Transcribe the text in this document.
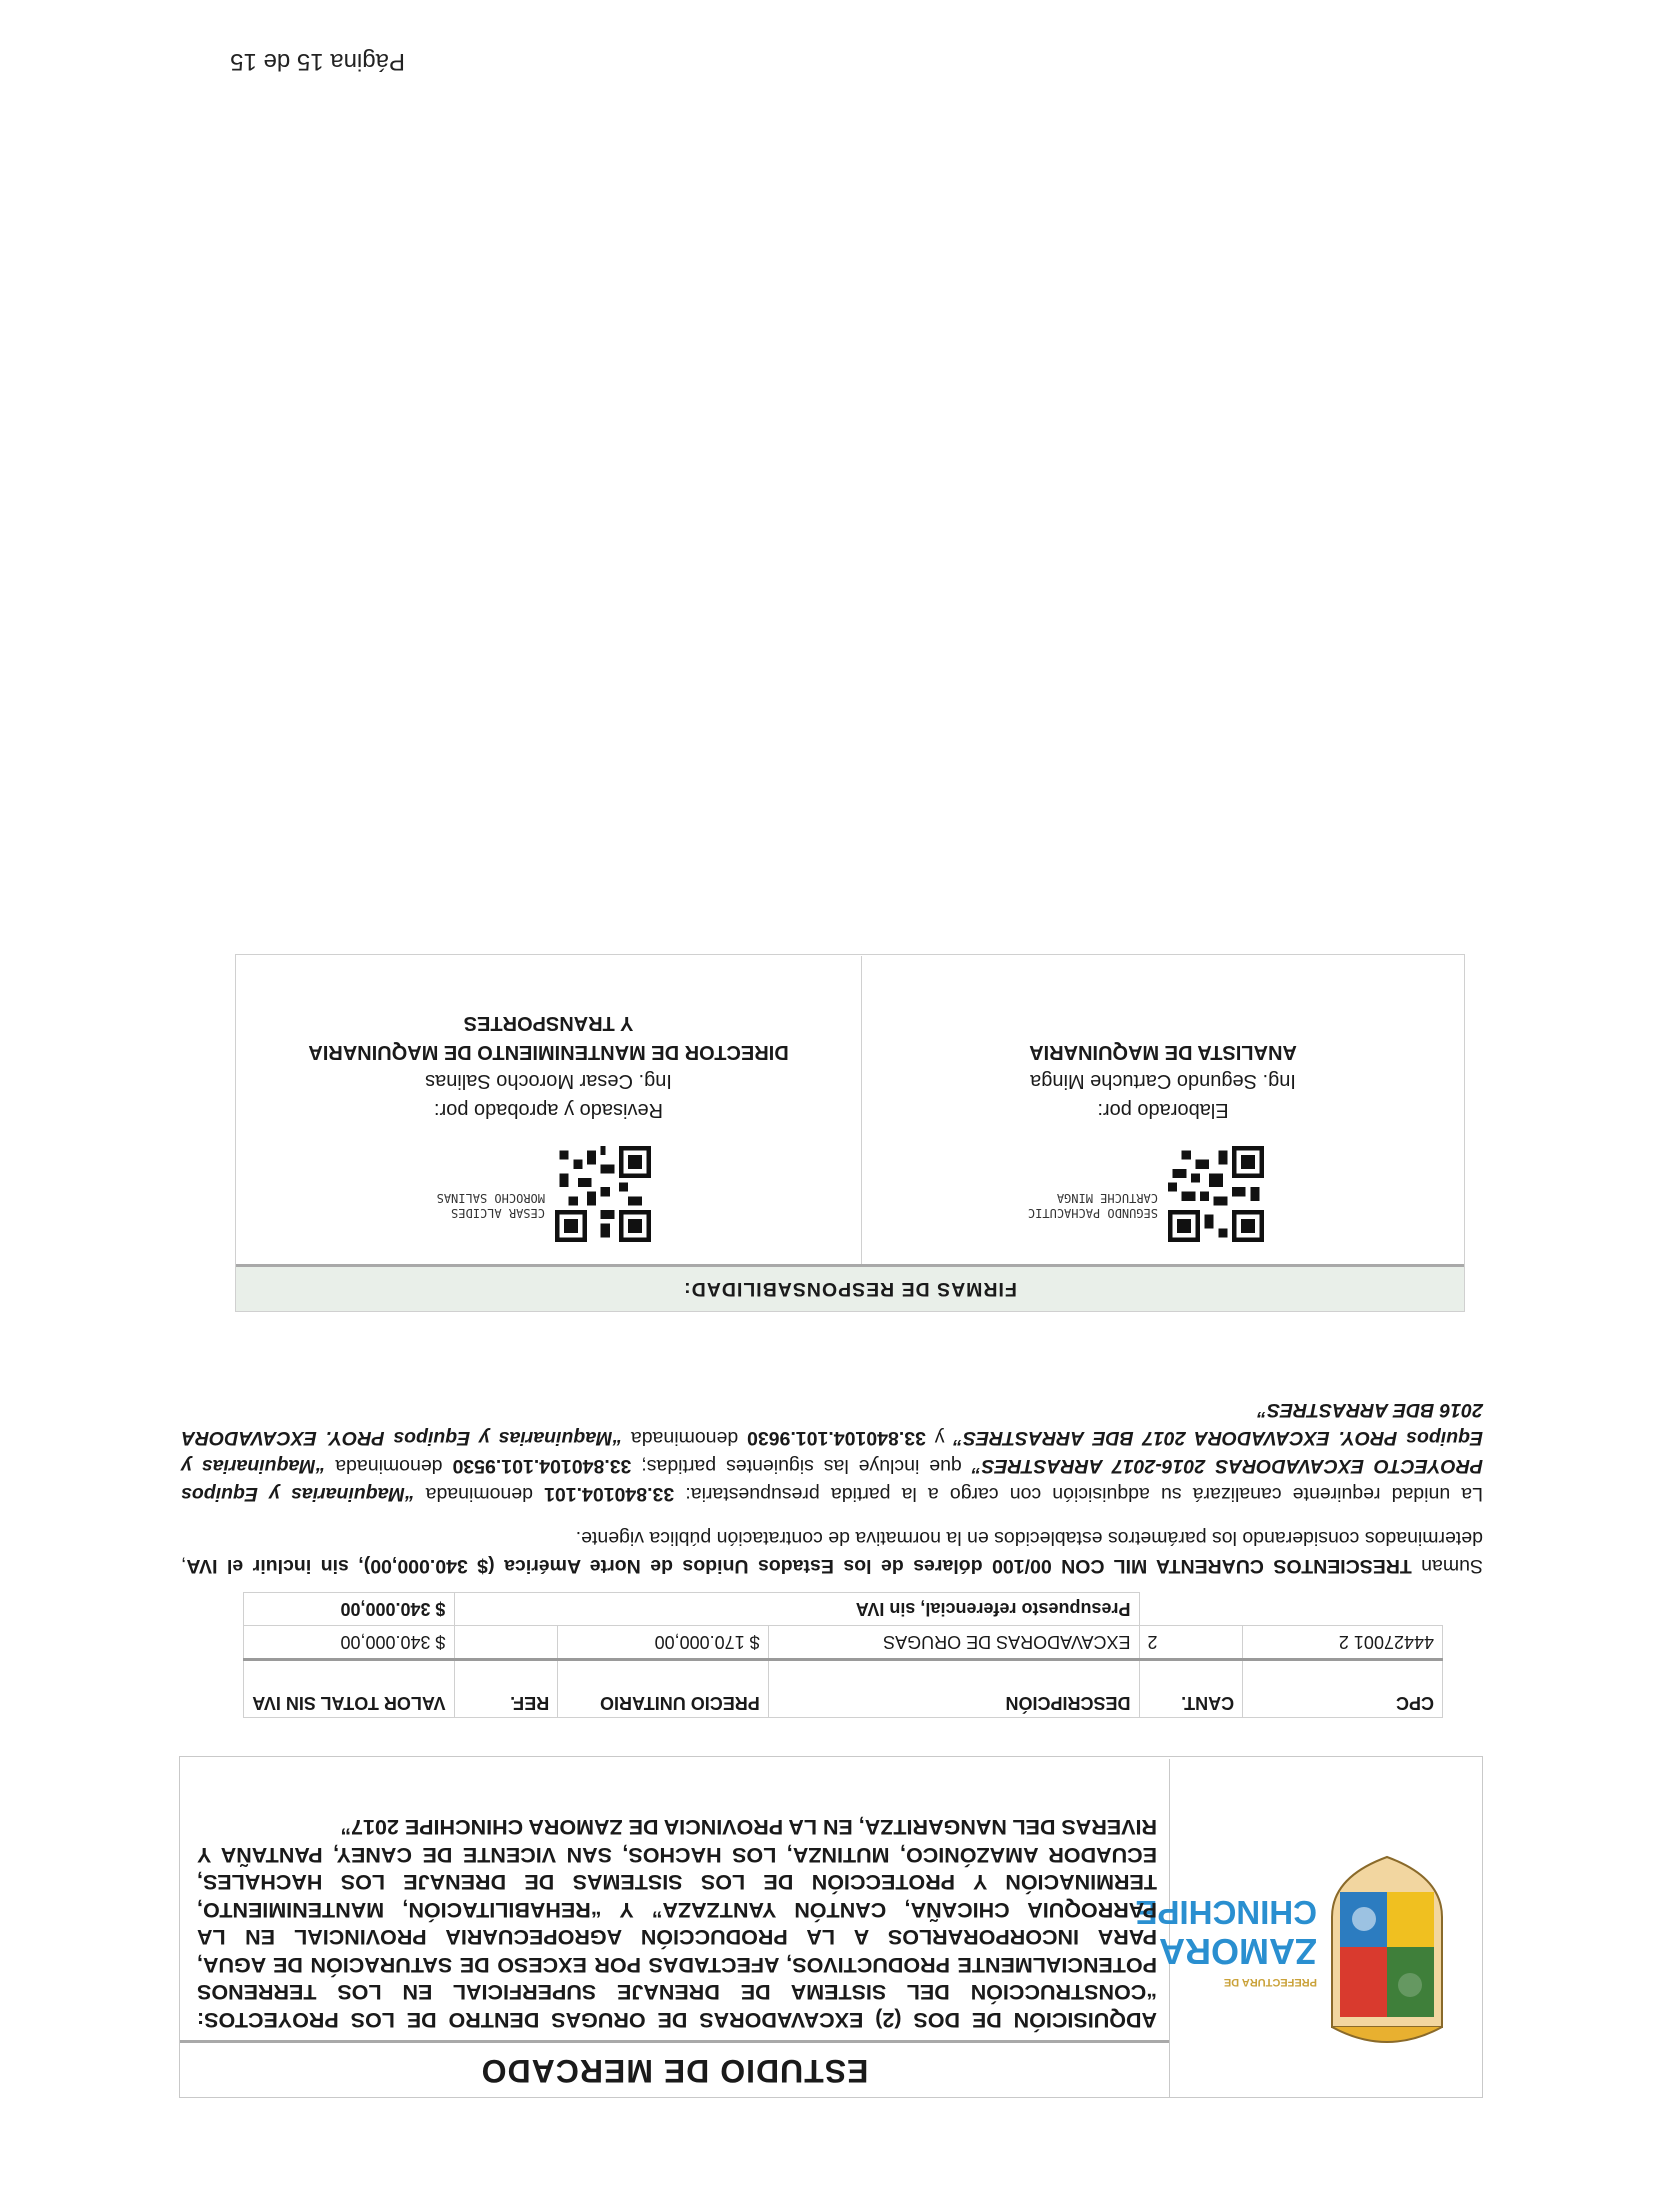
PREFECTURA DE
ZAMORA
CHINCHIPE
ESTUDIO DE MERCADO
ADQUISICIÓN DE DOS (2) EXCAVADORAS DE ORUGAS DENTRO DE LOS PROYECTOS: “CONSTRUCCIÓN DEL SISTEMA DE DRENAJE SUPERFICIAL EN LOS TERRENOS POTENCIALMENTE PRODUCTIVOS, AFECTADAS POR EXCESO DE SATURACIÓN DE AGUA, PARA INCORPORARLOS A LA PRODUCCIÓN AGROPECUARIA PROVINCIAL EN LA PARROQUIA CHICAÑA, CANTÓN YANTZAZA” Y “REHABILITACIÓN, MANTENIMIENTO, TERMINACIÓN Y PROTECCIÓN DE LOS SISTEMAS DE DRENAJE LOS HACHALES, ECUADOR AMAZÓNICO, MUTINZA, LOS HACHOS, SAN VICENTE DE CANEY, PANTAÑA Y RIVERAS DEL NANGARITZA, EN LA PROVINCIA DE ZAMORA CHINCHIPE 2017”
CPC	CANT.	DESCRIPCIÓN	PRECIO UNITARIO	REF.	VALOR TOTAL SIN IVA
44427001 2	2	EXCAVADORAS DE ORUGAS	$ 170.000,00		$ 340.000,00
		Presupuesto referencial, sin IVA			$ 340.000,00
Suman TRESCIENTOS CUARENTA MIL CON 00/100 dólares de los Estados Unidos de Norte América ($ 340.000,00), sin incluir el IVA, determinados considerando los parámetros establecidos en la normativa de contratación pública vigente.
La unidad requirente canalizará su adquisición con cargo a la partida presupuestaria: 33.840104.101 denominada “Maquinarias y Equipos PROYECTO EXCAVADORAS 2016-2017 ARRASTRES” que incluye las siguientes partidas; 33.840104.101.9530 denominada “Maquinarias y Equipos PROY. EXCAVADORA 2017 BDE ARRASTRES” y 33.840104.101.9630 denominada “Maquinarias y Equipos PROY. EXCAVADORA 2016 BDE ARRASTRES”
FIRMAS DE RESPONSABILIDAD:
SEGUNDO PACHACUTIC
CARTUCHE MINGA
Elaborado por:
Ing. Segundo Cartuche Minga
ANALISTA DE MAQUINARIA
CESAR ALCIDES
MOROCHO SALINAS
Revisado y aprobado por:
Ing. Cesar Morocho Salinas
DIRECTOR DE MANTENIMIENTO DE MAQUINARIA
Y TRANSPORTES
Página 15 de 15
